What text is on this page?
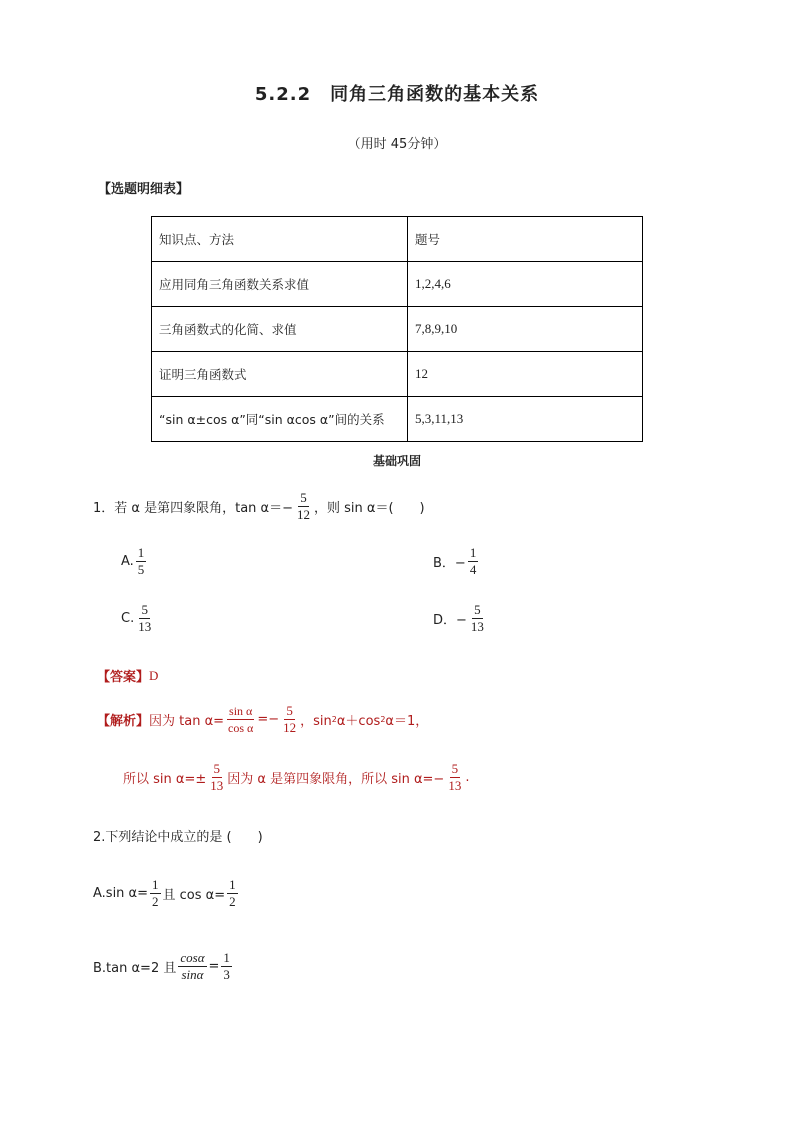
5.2.2　同角三角函数的基本关系
（用时 45分钟）
【选题明细表】
知识点、方法	题号
应用同角三角函数关系求值	1,2,4,6
三角函数式的化简、求值	7,8,9,10
证明三角函数式	12
“sin α±cos α”同“sin αcos α”间的关系	5,3,11,13
基础巩固
1．若 α 是第四象限角，$\tan \alpha=- \frac{5}{12}$ ，则 sin α＝(　　)
A. $\frac{1}{5}$	B．− $\frac{1}{4}$
C. $\frac{5}{13}$	D．− $\frac{5}{13}$
【答案】 D
【解析】 因为 $\tan \alpha= \frac{\text{sin α}}{\text{cos α}} =- \frac{5}{12}$ ，sin 2 α＋cos 2 α＝1，
所以 $\sin \alpha=\pm \frac{5}{13}$ 因为 α 是第四象限角，所以 $\sin \alpha=- \frac{5}{13}$ .
2.下列结论中成立的是 (　　)
A.sin $\alpha= \frac{1}{2}$ 且 $\cos \alpha= \frac{1}{2}$
B.tan α=2 且 $\frac{\cos\alpha}{\sin\alpha} = \frac{1}{3}$
